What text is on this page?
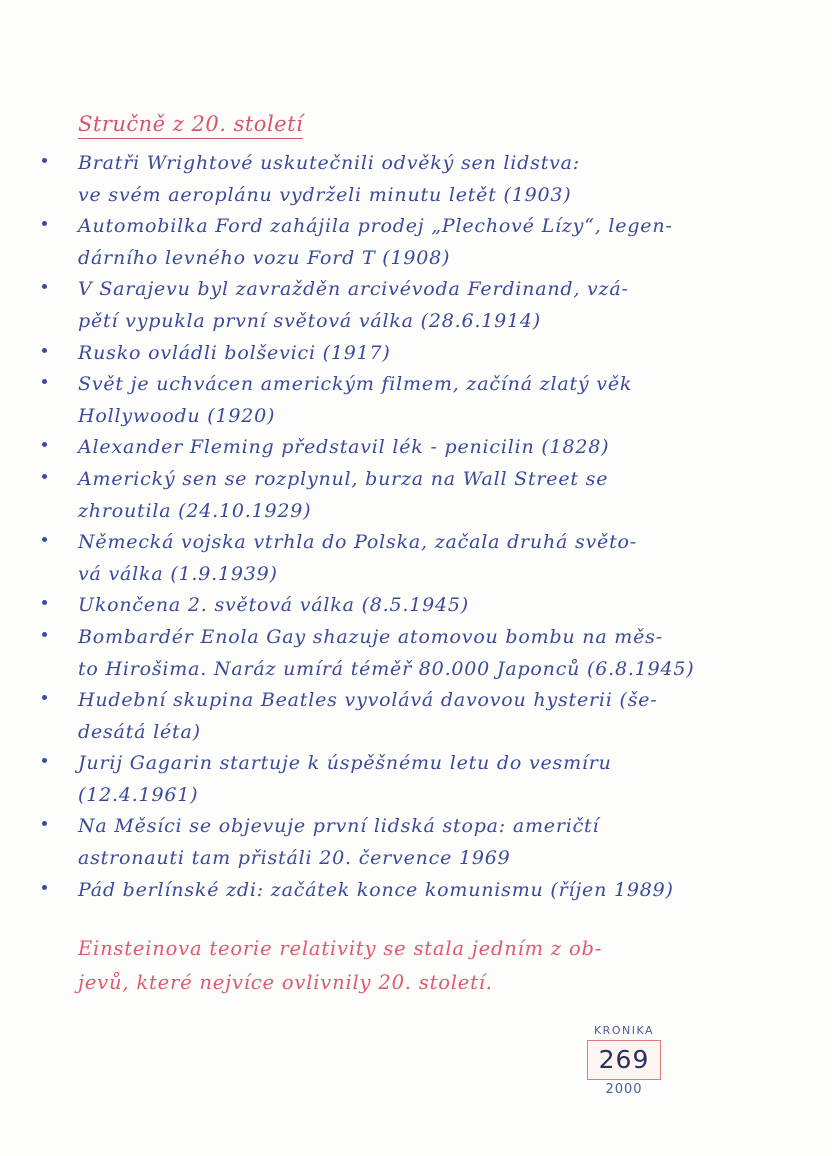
Stručně z 20. století
Bratři Wrightové uskutečnili odvěký sen lidstva:
ve svém aeroplánu vydrželi minutu letět (1903)
Automobilka Ford zahájila prodej „Plechové Lízy“, legen-
dárního levného vozu Ford T (1908)
V Sarajevu byl zavražděn arcivévoda Ferdinand, vzá-
pětí vypukla první světová válka (28.6.1914)
Rusko ovládli bolševici (1917)
Svět je uchvácen americkým filmem, začíná zlatý věk
Hollywoodu (1920)
Alexander Fleming představil lék - penicilin (1828)
Americký sen se rozplynul, burza na Wall Street se
zhroutila (24.10.1929)
Německá vojska vtrhla do Polska, začala druhá světo-
vá válka (1.9.1939)
Ukončena 2. světová válka (8.5.1945)
Bombardér Enola Gay shazuje atomovou bombu na měs-
to Hirošima. Naráz umírá téměř 80.000 Japonců (6.8.1945)
Hudební skupina Beatles vyvolává davovou hysterii (še-
desátá léta)
Jurij Gagarin startuje k úspěšnému letu do vesmíru
(12.4.1961)
Na Měsíci se objevuje první lidská stopa: američtí
astronauti tam přistáli 20. července 1969
Pád berlínské zdi: začátek konce komunismu (říjen 1989)
Einsteinova teorie relativity se stala jedním z ob-
jevů, které nejvíce ovlivnily 20. století.
KRONIKA
269
2000
